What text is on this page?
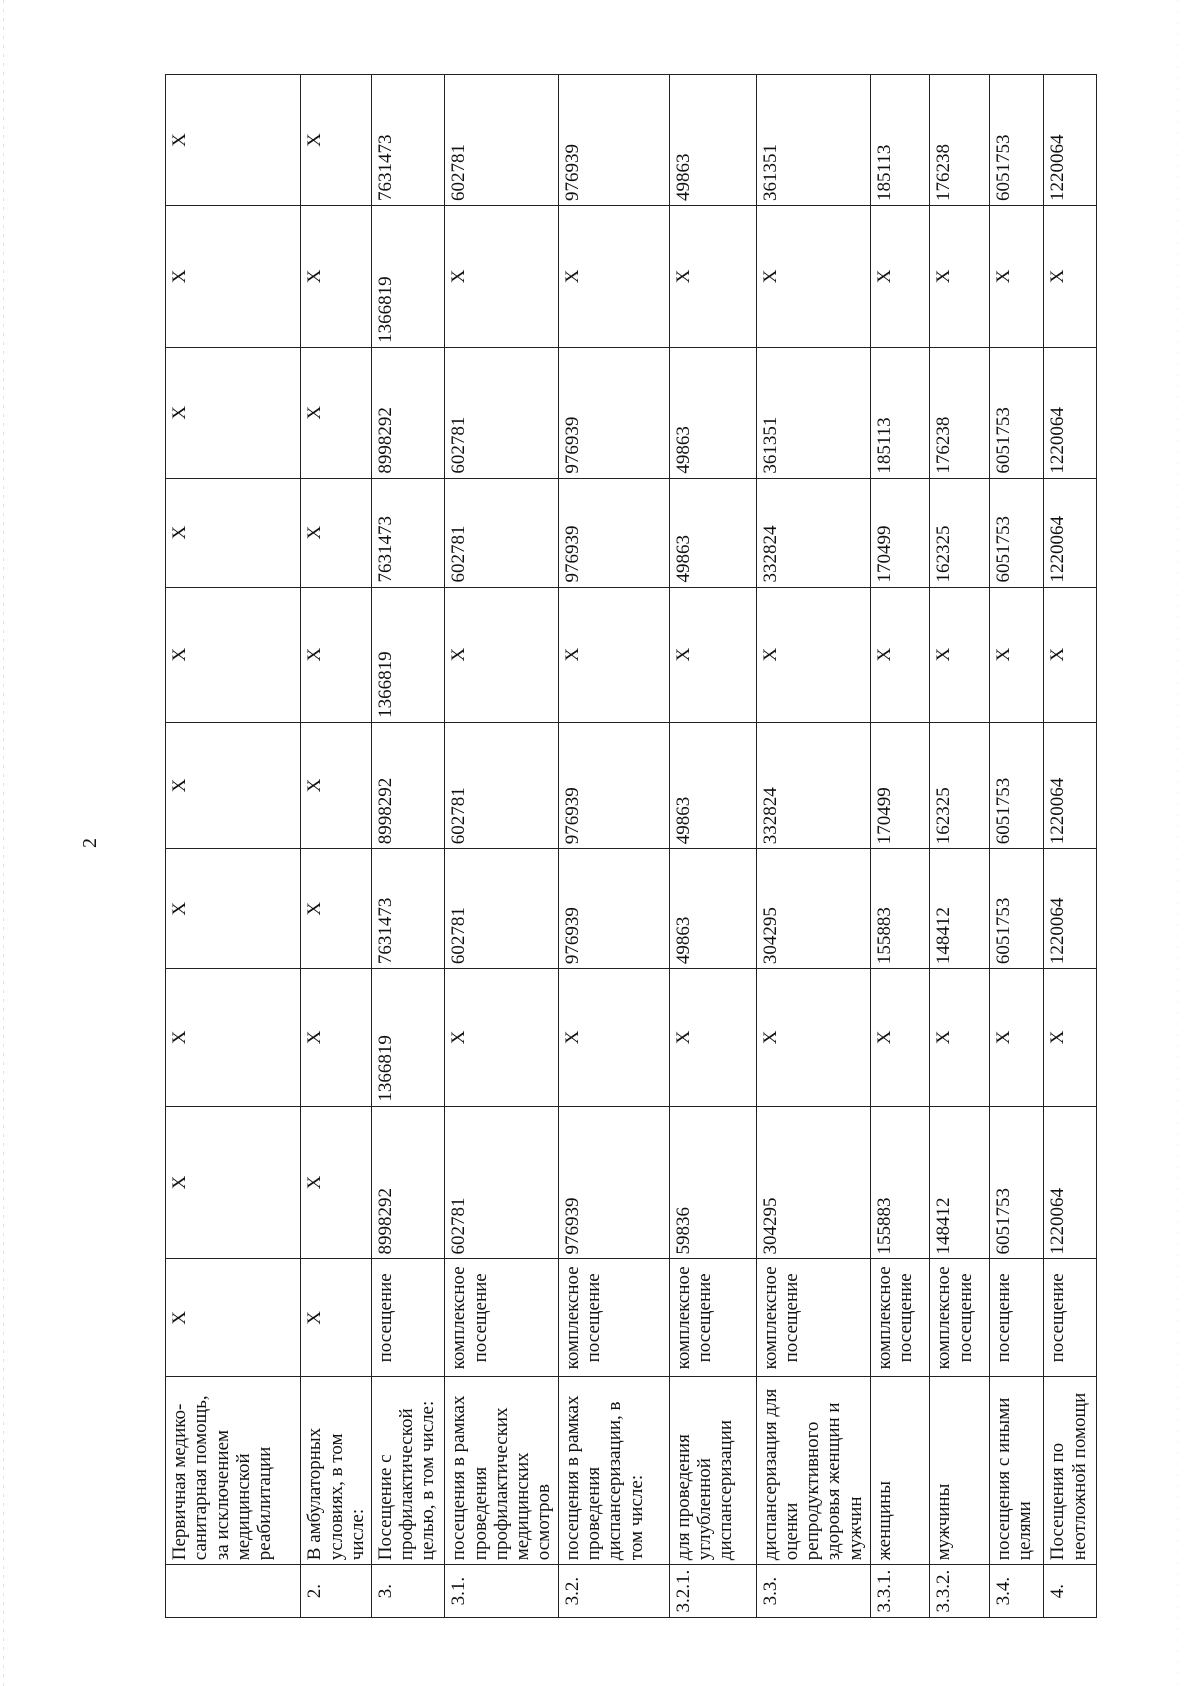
2
	Первичная медико-санитарная помощь, за исключением медицинской реабилитации	Х	Х	Х	Х	Х	Х	Х	Х	Х	Х
2.	В амбулаторных условиях, в том числе:	Х	Х	Х	Х	Х	Х	Х	Х	Х	Х
3.	Посещение с профилактической целью, в том числе:	посещение	8998292	1366819	7631473	8998292	1366819	7631473	8998292	1366819	7631473
3.1.	посещения в рамках проведения профилактических медицинских осмотров	комплексное посещение	602781	Х	602781	602781	Х	602781	602781	Х	602781
3.2.	посещения в рамках проведения диспансеризации, в том числе:	комплексное посещение	976939	Х	976939	976939	Х	976939	976939	Х	976939
3.2.1.	для проведения углубленной диспансеризации	комплексное посещение	59836	Х	49863	49863	Х	49863	49863	Х	49863
3.3.	диспансеризация для оценки репродуктивного здоровья женщин и мужчин	комплексное посещение	304295	Х	304295	332824	Х	332824	361351	Х	361351
3.3.1.	женщины	комплексное посещение	155883	Х	155883	170499	Х	170499	185113	Х	185113
3.3.2.	мужчины	комплексное посещение	148412	Х	148412	162325	Х	162325	176238	Х	176238
3.4.	посещения с иными целями	посещение	6051753	Х	6051753	6051753	Х	6051753	6051753	Х	6051753
4.	Посещения по неотложной помощи	посещение	1220064	Х	1220064	1220064	Х	1220064	1220064	Х	1220064
